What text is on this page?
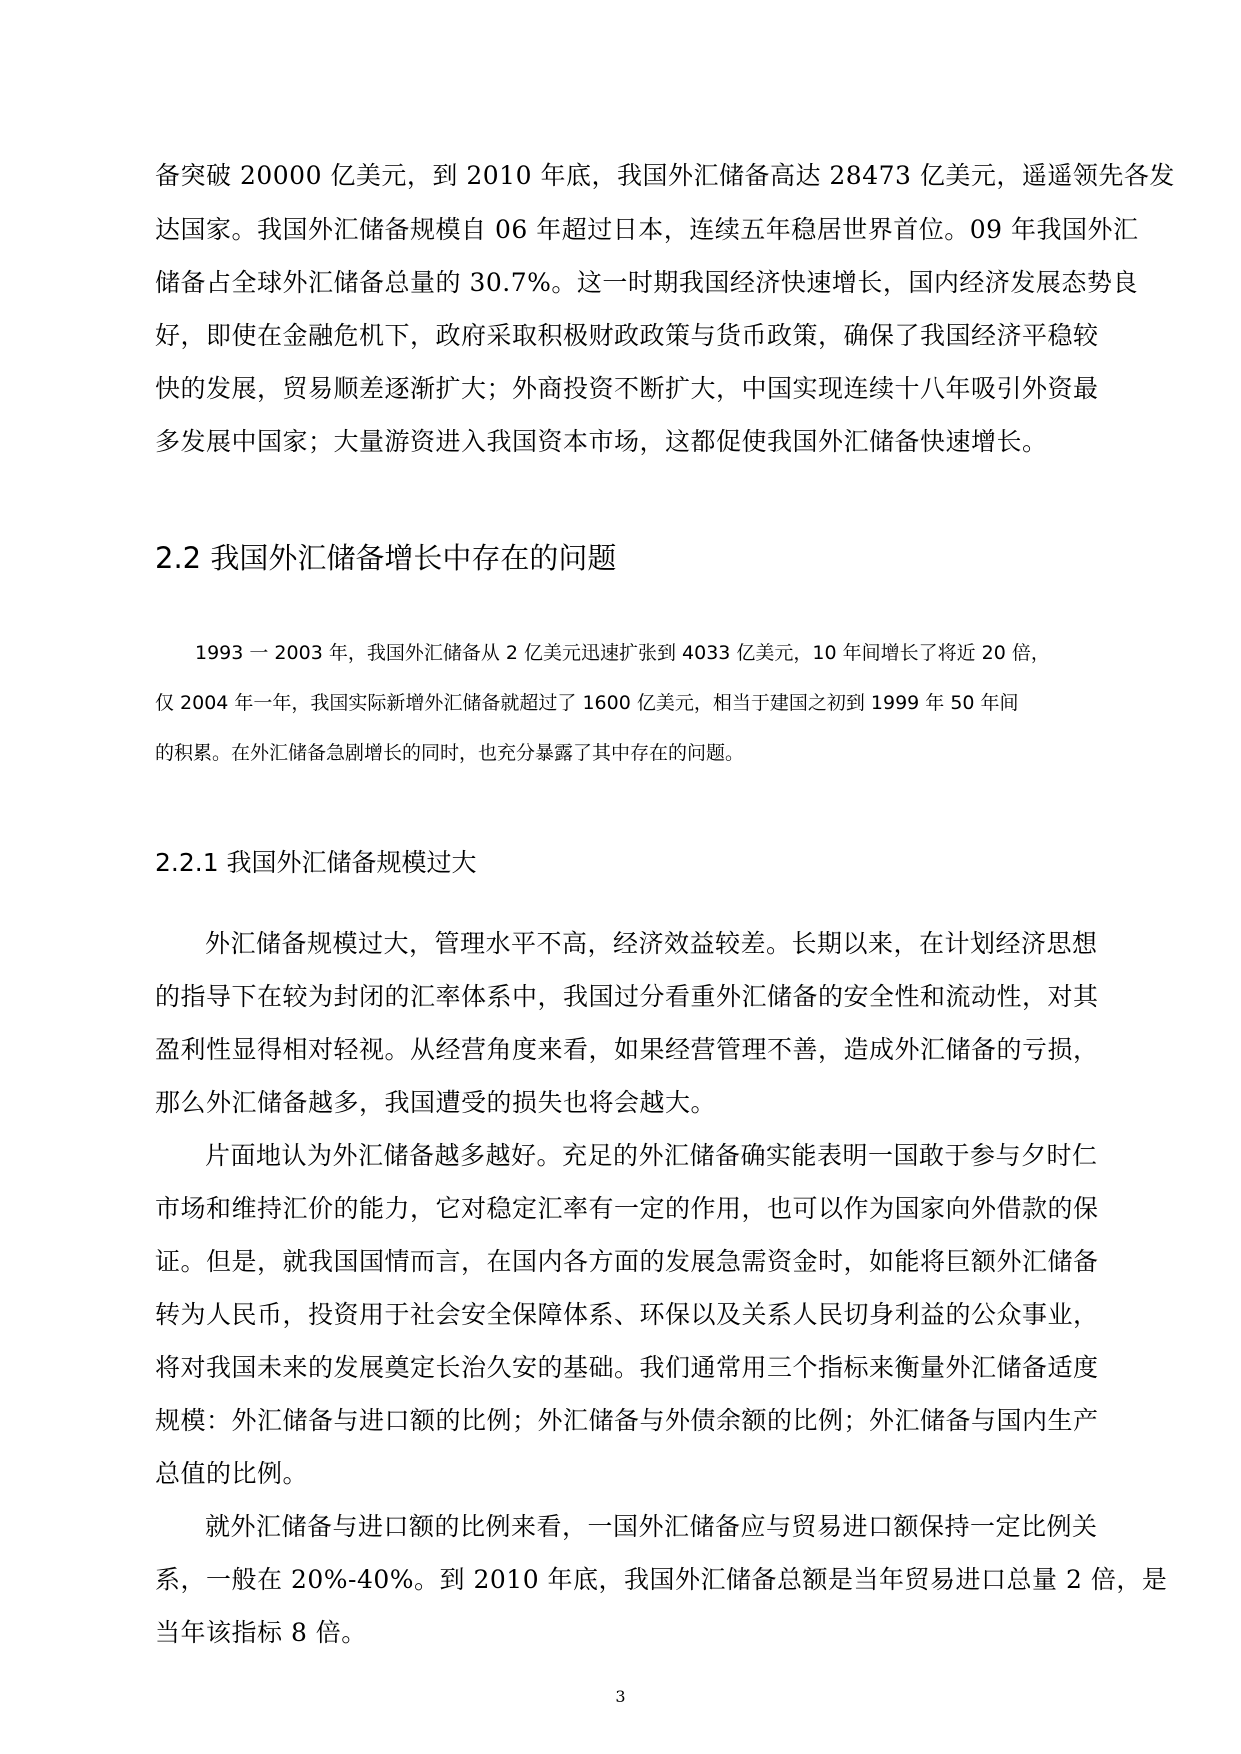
备突破 20000 亿美元，到 2010 年底，我国外汇储备高达 28473 亿美元，遥遥领先各发
达国家。我国外汇储备规模自 06 年超过日本，连续五年稳居世界首位。09 年我国外汇
储备占全球外汇储备总量的 30.7%。这一时期我国经济快速增长，国内经济发展态势良
好，即使在金融危机下，政府采取积极财政政策与货币政策，确保了我国经济平稳较
快的发展，贸易顺差逐渐扩大；外商投资不断扩大，中国实现连续十八年吸引外资最
多发展中国家；大量游资进入我国资本市场，这都促使我国外汇储备快速增长。
2.2 我国外汇储备增长中存在的问题
1993 一 2003 年，我国外汇储备从 2 亿美元迅速扩张到 4033 亿美元，10 年间增长了将近 20 倍，
仅 2004 年一年，我国实际新增外汇储备就超过了 1600 亿美元，相当于建国之初到 1999 年 50 年间
的积累。在外汇储备急剧增长的同时，也充分暴露了其中存在的问题。
2.2.1 我国外汇储备规模过大
外汇储备规模过大，管理水平不高，经济效益较差。长期以来，在计划经济思想
的指导下在较为封闭的汇率体系中，我国过分看重外汇储备的安全性和流动性，对其
盈利性显得相对轻视。从经营角度来看，如果经营管理不善，造成外汇储备的亏损，
那么外汇储备越多，我国遭受的损失也将会越大。
片面地认为外汇储备越多越好。充足的外汇储备确实能表明一国敢于参与夕时仁
市场和维持汇价的能力，它对稳定汇率有一定的作用，也可以作为国家向外借款的保
证。但是，就我国国情而言，在国内各方面的发展急需资金时，如能将巨额外汇储备
转为人民币，投资用于社会安全保障体系、环保以及关系人民切身利益的公众事业，
将对我国未来的发展奠定长治久安的基础。我们通常用三个指标来衡量外汇储备适度
规模：外汇储备与进口额的比例；外汇储备与外债余额的比例；外汇储备与国内生产
总值的比例。
就外汇储备与进口额的比例来看，一国外汇储备应与贸易进口额保持一定比例关
系，一般在 20%-40%。到 2010 年底，我国外汇储备总额是当年贸易进口总量 2 倍，是
当年该指标 8 倍。
3
